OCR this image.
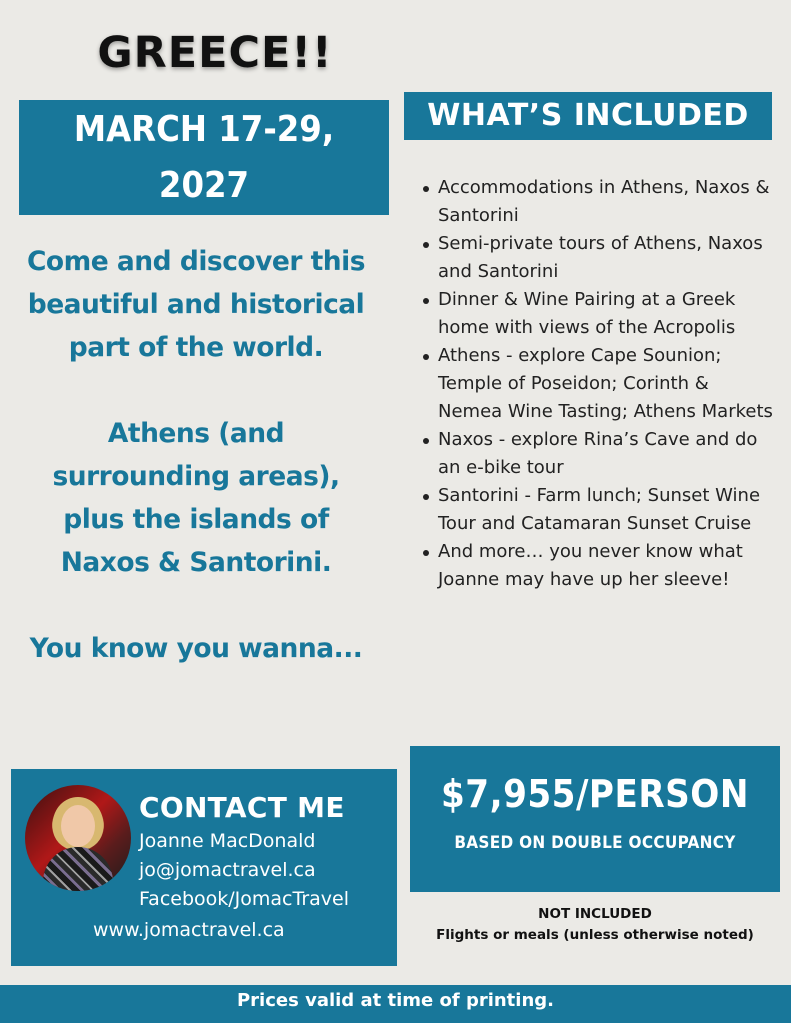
GREECE!!
MARCH 17-29,
2027

Come and discover this beautiful and historical part of the world.

Athens (and surrounding areas), plus the islands of Naxos & Santorini.

You know you wanna...

WHAT’S INCLUDED
Accommodations in Athens, Naxos & Santorini
Semi-private tours of Athens, Naxos and Santorini
Dinner & Wine Pairing at a Greek home with views of the Acropolis
Athens - explore Cape Sounion; Temple of Poseidon; Corinth & Nemea Wine Tasting; Athens Markets
Naxos - explore Rina’s Cave and do an e-bike tour
Santorini - Farm lunch; Sunset Wine Tour and Catamaran Sunset Cruise
And more… you never know what Joanne may have up her sleeve!
CONTACT ME
Joanne MacDonald
jo@jomactravel.ca
Facebook/JomacTravel
www.jomactravel.ca
$7,955/PERSON
BASED ON DOUBLE OCCUPANCY
NOT INCLUDED
Flights or meals (unless otherwise noted)
Prices valid at time of printing.
